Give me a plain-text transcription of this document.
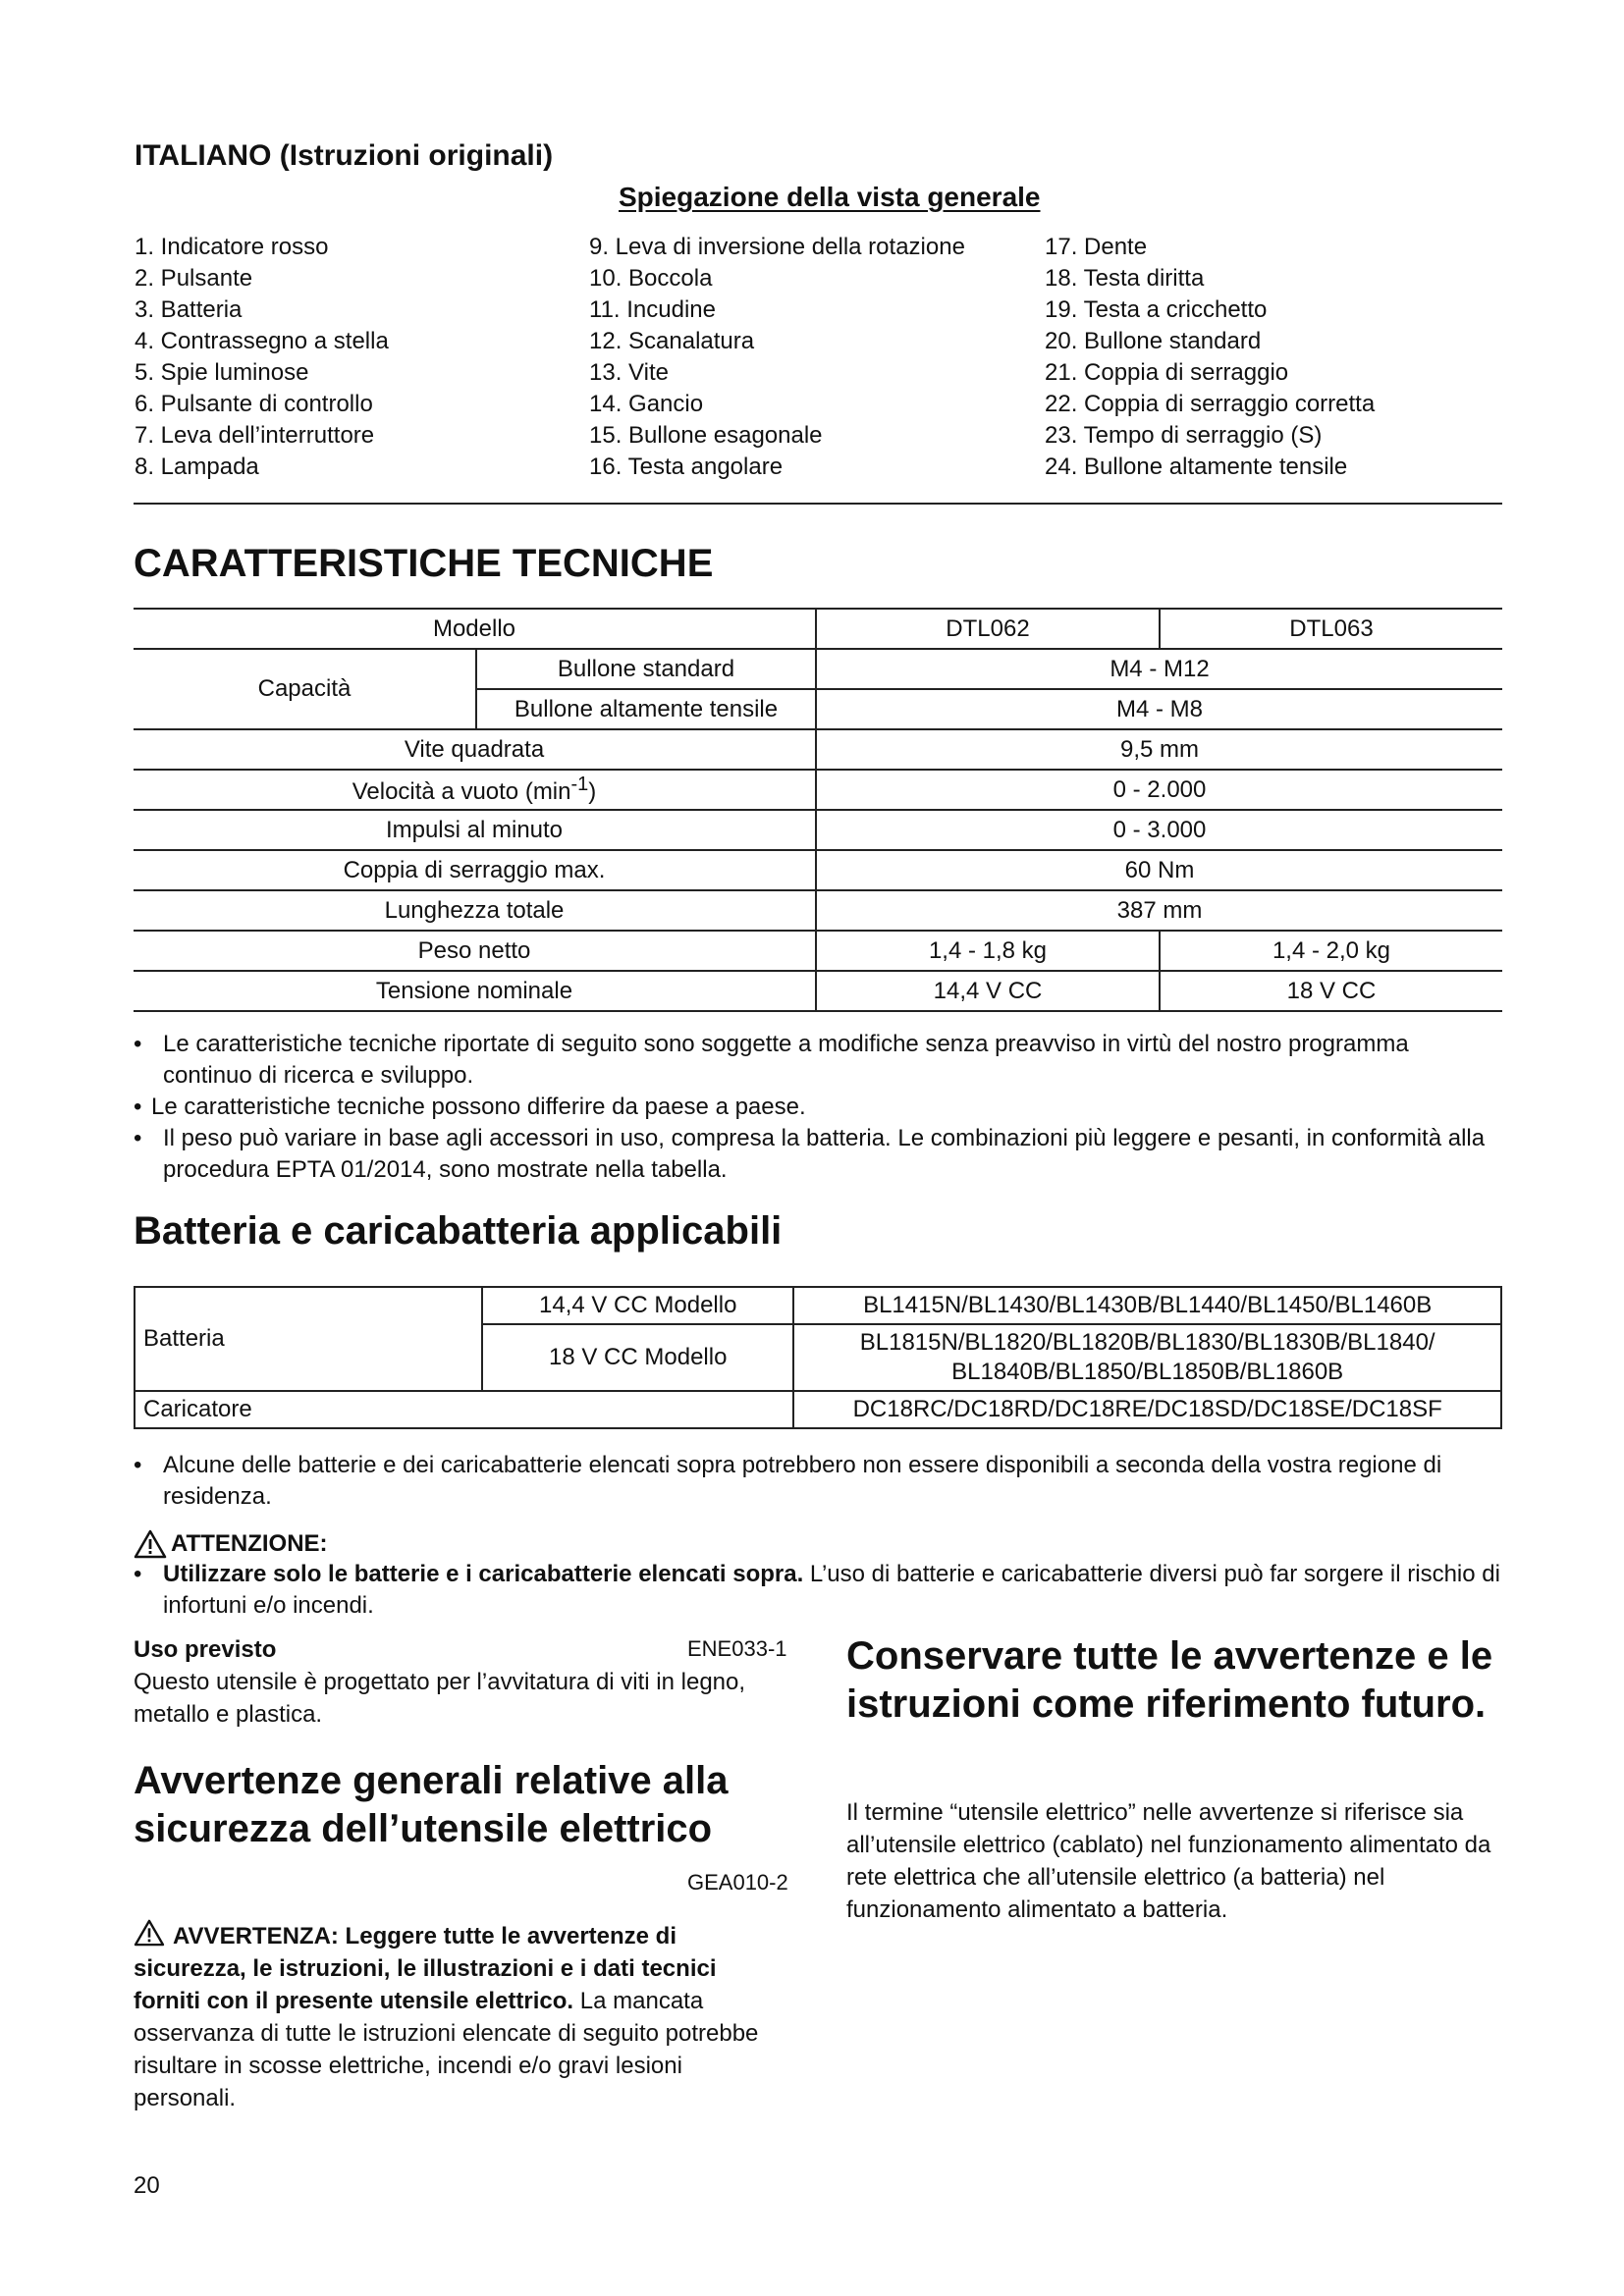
ITALIANO (Istruzioni originali)
Spiegazione della vista generale
1. Indicatore rosso
2. Pulsante
3. Batteria
4. Contrassegno a stella
5. Spie luminose
6. Pulsante di controllo
7. Leva dell’interruttore
8. Lampada
9. Leva di inversione della rotazione
10. Boccola
11. Incudine
12. Scanalatura
13. Vite
14. Gancio
15. Bullone esagonale
16. Testa angolare
17. Dente
18. Testa diritta
19. Testa a cricchetto
20. Bullone standard
21. Coppia di serraggio
22. Coppia di serraggio corretta
23. Tempo di serraggio (S)
24. Bullone altamente tensile
CARATTERISTICHE TECNICHE
Modello		DTL062	DTL063
Capacità	Bullone standard	M4 - M12	
	Bullone altamente tensile	M4 - M8	
Vite quadrata		9,5 mm	
Velocità a vuoto $(\min^{-1})$		0 - 2.000	
Impulsi al minuto		0 - 3.000	
Coppia di serraggio max.		60 Nm	
Lunghezza totale		387 mm	
Peso netto		1,4 - 1,8 kg	1,4 - 2,0 kg
Tensione nominale		14,4 V CC	18 V CC
• Le caratteristiche tecniche riportate di seguito sono soggette a modifiche senza preavviso in virtù del nostro programma continuo di ricerca e sviluppo.
• Le caratteristiche tecniche possono differire da paese a paese.
• Il peso può variare in base agli accessori in uso, compresa la batteria. Le combinazioni più leggere e pesanti, in conformità alla procedura EPTA 01/2014, sono mostrate nella tabella.
Batteria e caricabatteria applicabili
Batteria	14,4 V CC Modello	BL1415N/BL1430/BL1430B/BL1440/BL1450/BL1460B
	18 V CC Modello	BL1815N/BL1820/BL1820B/BL1830/BL1830B/BL1840/
BL1840B/BL1850/BL1850B/BL1860B

Caricatore		DC18RC/DC18RD/DC18RE/DC18SD/DC18SE/DC18SF
• Alcune delle batterie e dei caricabatterie elencati sopra potrebbero non essere disponibili a seconda della vostra regione di residenza.
ATTENZIONE:
• Utilizzare solo le batterie e i caricabatterie elencati sopra. L’uso di batterie e caricabatterie diversi può far sorgere il rischio di infortuni e/o incendi.
Uso previsto	ENE033-1
Questo utensile è progettato per l’avvitatura di viti in legno, metallo e plastica.
Avvertenze generali relative alla sicurezza dell’utensile elettrico
GEA010-2
AVVERTENZA: Leggere tutte le avvertenze di sicurezza, le istruzioni, le illustrazioni e i dati tecnici forniti con il presente utensile elettrico. La mancata osservanza di tutte le istruzioni elencate di seguito potrebbe risultare in scosse elettriche, incendi e/o gravi lesioni personali.
Conservare tutte le avvertenze e le istruzioni come riferimento futuro.
Il termine “utensile elettrico” nelle avvertenze si riferisce sia all’utensile elettrico (cablato) nel funzionamento alimentato da rete elettrica che all’utensile elettrico (a batteria) nel funzionamento alimentato a batteria.
20
